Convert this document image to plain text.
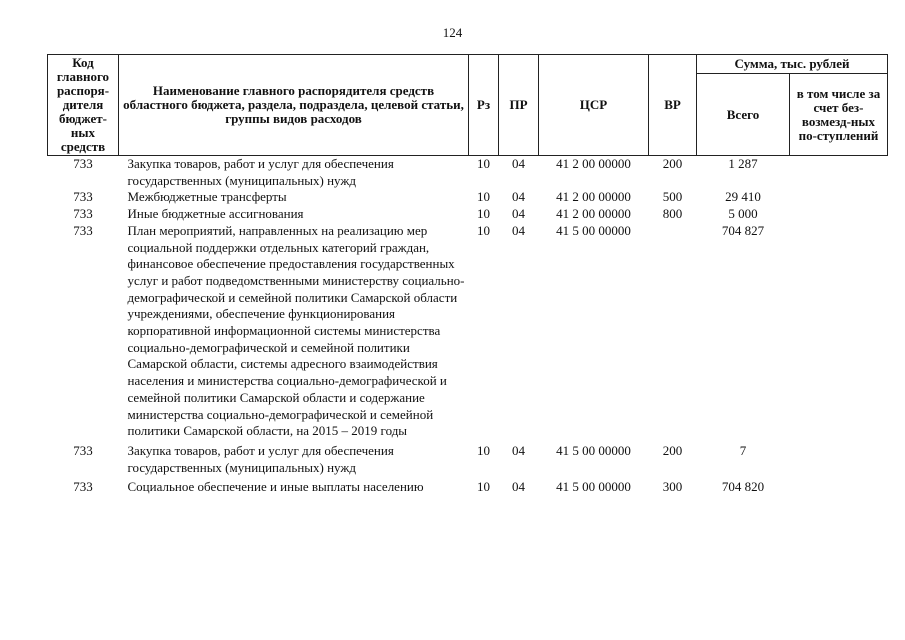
124
Код главного распоря-дителя бюджет-ных средств	Наименование главного распорядителя средств областного бюджета, раздела, подраздела, целевой статьи, группы видов расходов	Рз	ПР	ЦСР	ВР	Сумма, тыс. рублей	
						Всего	в том числе за счет без-возмезд-ных по-ступлений
733	Закупка товаров, работ и услуг для обеспечения государственных (муниципальных) нужд	10	04	41 2 00 00000	200	1 287	
733	Межбюджетные трансферты	10	04	41 2 00 00000	500	29 410	
733	Иные бюджетные ассигнования	10	04	41 2 00 00000	800	5 000	
733	План мероприятий, направленных на реализацию мер социальной поддержки отдельных категорий граждан, финансовое обеспечение предоставления государственных услуг и работ подведомственными министерству социально-демографической и семейной политики Самарской области учреждениями, обеспечение функционирования корпоративной информационной системы министерства социально-демографической и семейной политики Самарской области, системы адресного взаимодействия населения и министерства социально-демографической и семейной политики Самарской области и содержание министерства социально-демографической и семейной политики Самарской области, на 2015 – 2019 годы	10	04	41 5 00 00000		704 827	
733	Закупка товаров, работ и услуг для обеспечения государственных (муниципальных) нужд	10	04	41 5 00 00000	200	7	
733	Социальное обеспечение и иные выплаты населению	10	04	41 5 00 00000	300	704 820	
